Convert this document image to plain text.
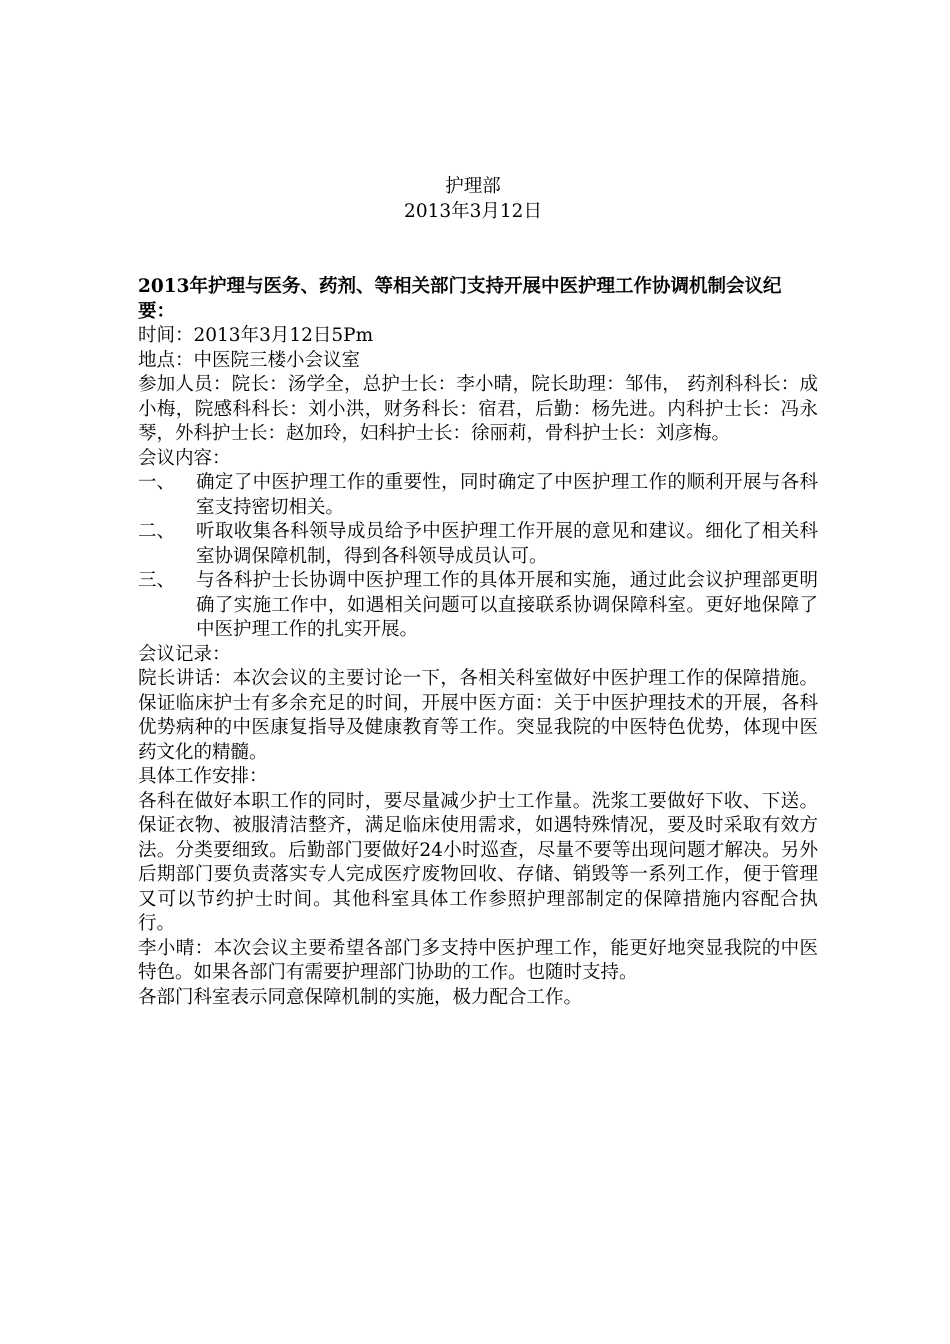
护理部
2013年3月12日

2013年护理与医务、药剂、等相关部门支持开展中医护理工作协调机制会议纪要：

时间：2013年3月12日5Pm

地点：中医院三楼小会议室

参加人员：院长：汤学全，总护士长：李小晴，院长助理：邹伟， 药剂科科长：成小梅，院感科科长：刘小洪，财务科长：宿君，后勤：杨先进。内科护士长：冯永琴，外科护士长：赵加玲，妇科护士长：徐丽莉，骨科护士长：刘彦梅。

会议内容：

一、 确定了中医护理工作的重要性，同时确定了中医护理工作的顺利开展与各科室支持密切相关。
二、 听取收集各科领导成员给予中医护理工作开展的意见和建议。细化了相关科室协调保障机制，得到各科领导成员认可。
三、 与各科护士长协调中医护理工作的具体开展和实施，通过此会议护理部更明确了实施工作中，如遇相关问题可以直接联系协调保障科室。更好地保障了中医护理工作的扎实开展。

会议记录：

院长讲话：本次会议的主要讨论一下，各相关科室做好中医护理工作的保障措施。保证临床护士有多余充足的时间，开展中医方面：关于中医护理技术的开展，各科优势病种的中医康复指导及健康教育等工作。突显我院的中医特色优势，体现中医药文化的精髓。

具体工作安排：

各科在做好本职工作的同时，要尽量减少护士工作量。洗浆工要做好下收、下送。保证衣物、被服清洁整齐，满足临床使用需求，如遇特殊情况，要及时采取有效方法。分类要细致。后勤部门要做好24小时巡查，尽量不要等出现问题才解决。另外后期部门要负责落实专人完成医疗废物回收、存储、销毁等一系列工作，便于管理又可以节约护士时间。其他科室具体工作参照护理部制定的保障措施内容配合执行。

李小晴：本次会议主要希望各部门多支持中医护理工作，能更好地突显我院的中医特色。如果各部门有需要护理部门协助的工作。也随时支持。

各部门科室表示同意保障机制的实施，极力配合工作。
